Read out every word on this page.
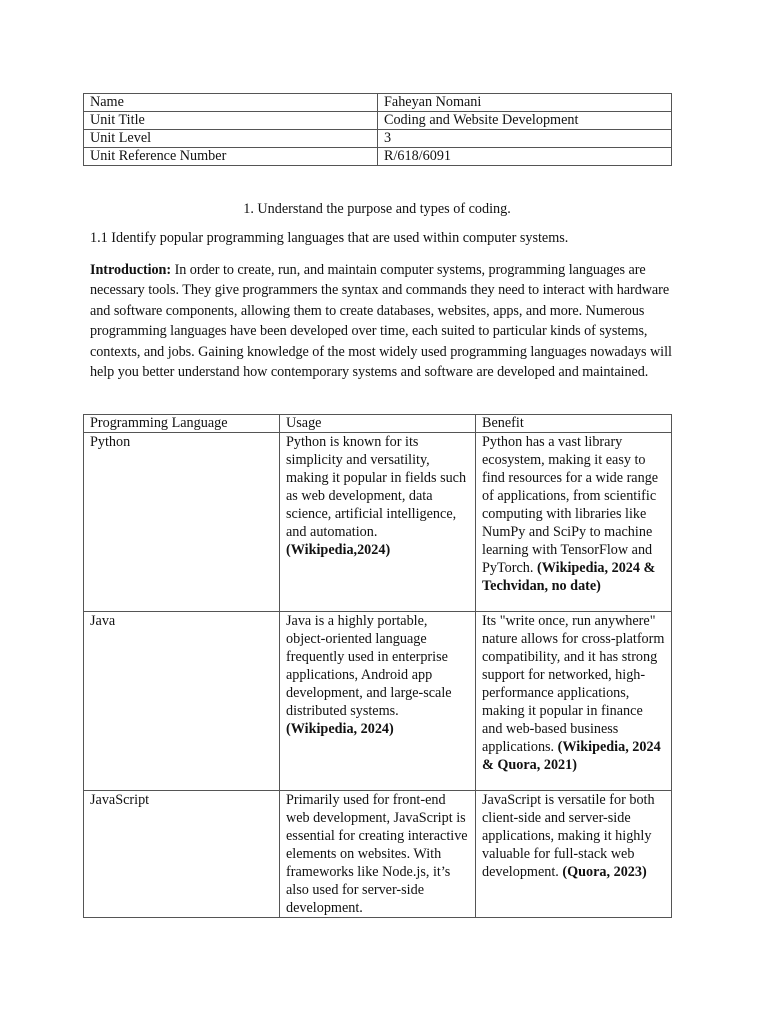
Name	Faheyan Nomani
Unit Title	Coding and Website Development
Unit Level	3
Unit Reference Number	R/618/6091

1. Understand the purpose and types of coding.

1.1 Identify popular programming languages that are used within computer systems.

Introduction: In order to create, run, and maintain computer systems, programming languages are necessary tools. They give programmers the syntax and commands they need to interact with hardware and software components, allowing them to create databases, websites, apps, and more. Numerous programming languages have been developed over time, each suited to particular kinds of systems, contexts, and jobs. Gaining knowledge of the most widely used programming languages nowadays will help you better understand how contemporary systems and software are developed and maintained.

Programming Language	Usage	Benefit
Python	Python is known for its simplicity and versatility, making it popular in fields such as web development, data science, artificial intelligence, and automation. (Wikipedia,2024)	Python has a vast library ecosystem, making it easy to find resources for a wide range of applications, from scientific computing with libraries like NumPy and SciPy to machine learning with TensorFlow and PyTorch. (Wikipedia, 2024 & Techvidan, no date)
Java	Java is a highly portable, object-oriented language frequently used in enterprise applications, Android app development, and large-scale distributed systems. (Wikipedia, 2024)	Its "write once, run anywhere" nature allows for cross-platform compatibility, and it has strong support for networked, high-performance applications, making it popular in finance and web-based business applications. (Wikipedia, 2024 & Quora, 2021)
JavaScript	Primarily used for front-end web development, JavaScript is essential for creating interactive elements on websites. With frameworks like Node.js, it’s also used for server-side development.	JavaScript is versatile for both client-side and server-side applications, making it highly valuable for full-stack web development. (Quora, 2023)
